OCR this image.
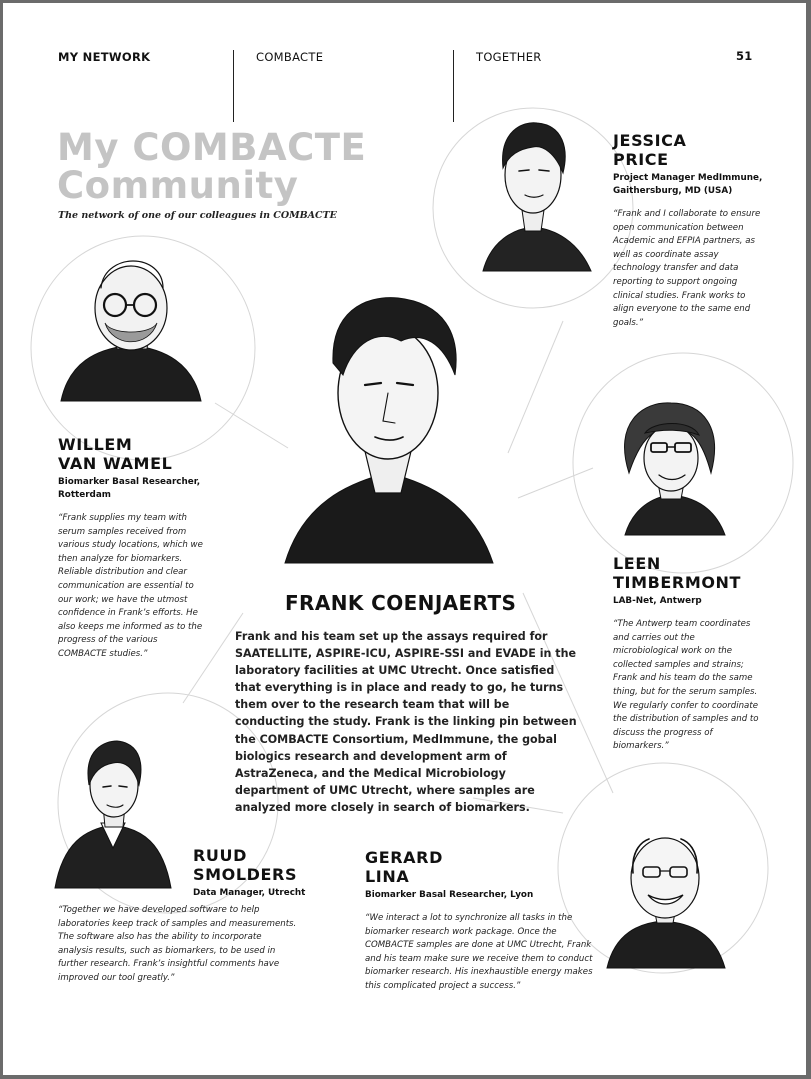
MY NETWORK	COMBACTE	TOGETHER	51
My COMBACTE
Community
The network of one of our colleagues in COMBACTE
JESSICA
PRICE
Project Manager MedImmune, Gaithersburg, MD (USA)
“Frank and I collaborate to ensure open communication between Academic and EFPIA partners, as well as coordinate assay technology transfer and data reporting to support ongoing clinical studies. Frank works to align everyone to the same end goals.”
WILLEM
VAN WAMEL
Biomarker Basal Researcher, Rotterdam
“Frank supplies my team with serum samples received from various study locations, which we then analyze for biomarkers. Reliable distribution and clear communication are essential to our work; we have the utmost confidence in Frank’s efforts. He also keeps me informed as to the progress of the various COMBACTE studies.”
LEEN
TIMBERMONT
LAB-Net, Antwerp
“The Antwerp team coordinates and carries out the microbiological work on the collected samples and strains; Frank and his team do the same thing, but for the serum samples. We regularly confer to coordinate the distribution of samples and to discuss the progress of biomarkers.”
FRANK COENJAERTS
Frank and his team set up the assays required for SAATELLITE, ASPIRE-ICU, ASPIRE-SSI and EVADE in the laboratory facilities at UMC Utrecht. Once satisfied that everything is in place and ready to go, he turns them over to the research team that will be conducting the study. Frank is the linking pin between the COMBACTE Consortium, MedImmune, the gobal biologics research and development arm of AstraZeneca, and the Medical Microbiology department of UMC Utrecht, where samples are analyzed more closely in search of biomarkers.
RUUD
SMOLDERS
Data Manager, Utrecht
“Together we have developed software to help laboratories keep track of samples and measurements. The software also has the ability to incorporate analysis results, such as biomarkers, to be used in further research. Frank’s insightful comments have improved our tool greatly.”
GERARD
LINA
Biomarker Basal Researcher, Lyon
“We interact a lot to synchronize all tasks in the biomarker research work package. Once the COMBACTE samples are done at UMC Utrecht, Frank and his team make sure we receive them to conduct biomarker research. His inexhaustible energy makes this complicated project a success.”
